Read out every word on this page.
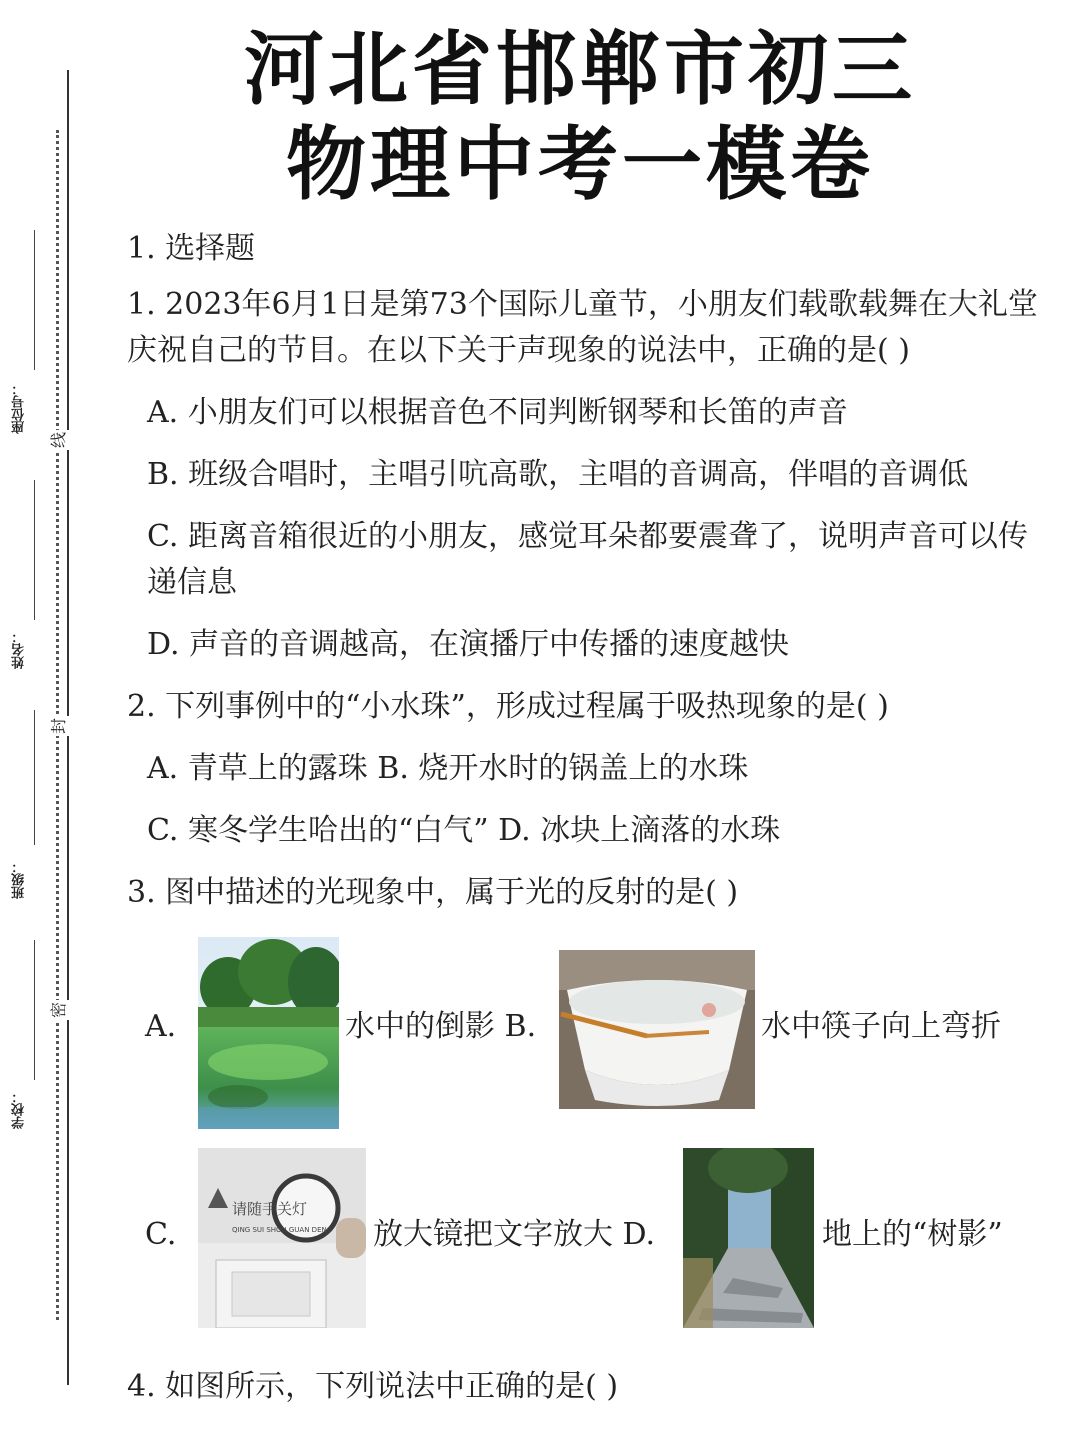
座位号：
姓名：
班级：
学校：
线
封
密
河北省邯郸市初三
物理中考一模卷
1. 选择题
1. 2023年6月1日是第73个国际儿童节，小朋友们载歌载舞在大礼堂庆祝自己的节目。在以下关于声现象的说法中，正确的是( )
A. 小朋友们可以根据音色不同判断钢琴和长笛的声音
B. 班级合唱时，主唱引吭高歌，主唱的音调高，伴唱的音调低
C. 距离音箱很近的小朋友，感觉耳朵都要震聋了，说明声音可以传递信息
D. 声音的音调越高，在演播厅中传播的速度越快
2. 下列事例中的“小水珠”，形成过程属于吸热现象的是( )
A. 青草上的露珠 B. 烧开水时的锅盖上的水珠
C. 寒冬学生哈出的“白气” D. 冰块上滴落的水珠
3. 图中描述的光现象中，属于光的反射的是( )
A.	水中的倒影 B.	水中筷子向上弯折
C.
请随手关灯
QING SUI SHOU GUAN DENG 放大镜把文字放大 D.	地上的“树影”
4. 如图所示，下列说法中正确的是( )
